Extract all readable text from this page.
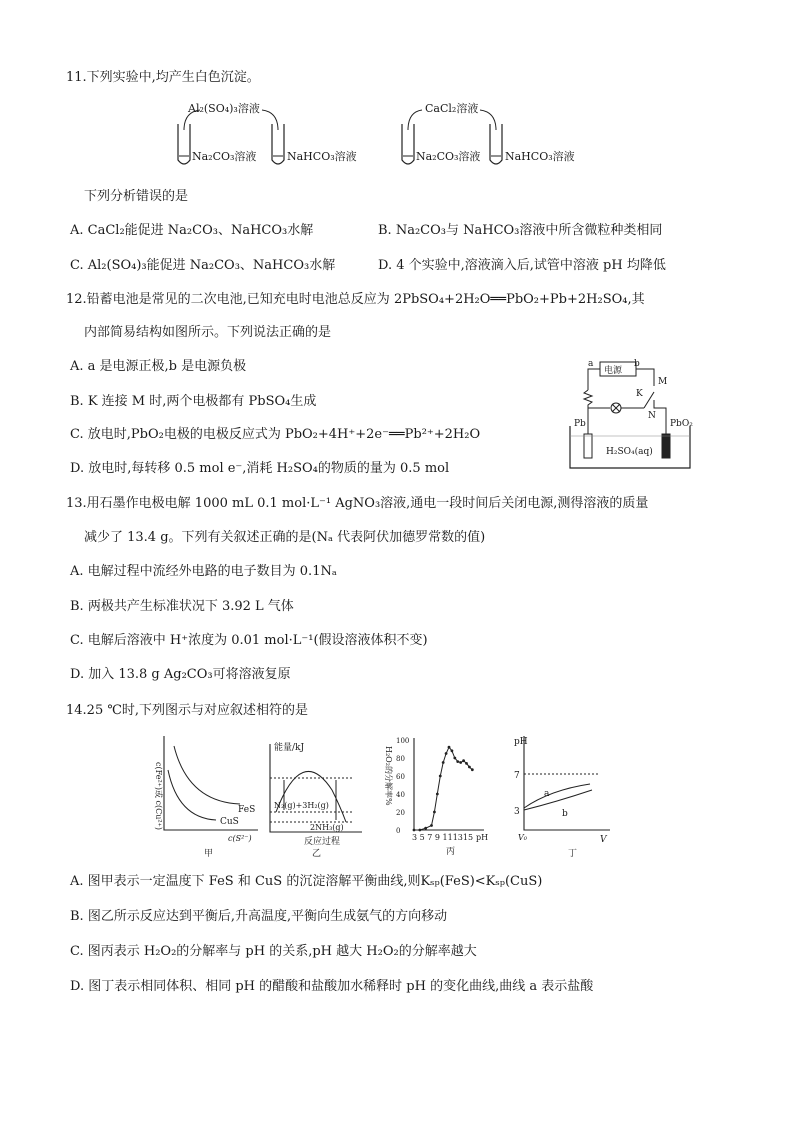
11.下列实验中,均产生白色沉淀。
Al₂(SO₄)₃溶液
Na₂CO₃溶液	NaHCO₃溶液
CaCl₂溶液
Na₂CO₃溶液 NaHCO₃溶液
下列分析错误的是
A. CaCl₂能促进 Na₂CO₃、NaHCO₃水解	B. Na₂CO₃与 NaHCO₃溶液中所含微粒种类相同
C. Al₂(SO₄)₃能促进 Na₂CO₃、NaHCO₃水解	D. 4 个实验中,溶液滴入后,试管中溶液 pH 均降低
12.铅蓄电池是常见的二次电池,已知充电时电池总反应为 2PbSO₄+2H₂O══PbO₂+Pb+2H₂SO₄,其
内部简易结构如图所示。下列说法正确的是
A. a 是电源正极,b 是电源负极
B. K 连接 M 时,两个电极都有 PbSO₄生成
C. 放电时,PbO₂电极的电极反应式为 PbO₂+4H⁺+2e⁻══Pb²⁺+2H₂O
D. 放电时,每转移 0.5 mol e⁻,消耗 H₂SO₄的物质的量为 0.5 mol
a	b
电源
M
K
N
Pb	PbO₂
H₂SO₄(aq)
13.用石墨作电极电解 1000 mL 0.1 mol·L⁻¹ AgNO₃溶液,通电一段时间后关闭电源,测得溶液的质量
减少了 13.4 g。下列有关叙述正确的是(Nₐ 代表阿伏加德罗常数的值)
A. 电解过程中流经外电路的电子数目为 0.1Nₐ
B. 两极共产生标准状况下 3.92 L 气体
C. 电解后溶液中 H⁺浓度为 0.01 mol·L⁻¹(假设溶液体积不变)
D. 加入 13.8 g Ag₂CO₃可将溶液复原
14.25 ℃时,下列图示与对应叙述相符的是
c(Fe²⁺)或 c(Cu²⁺)	FeS
CuS
c(S²⁻)
甲
能量/kJ
N₂(g)+3H₂(g)
2NH₃(g)
反应过程
乙
H₂O₂的分解率%
100
80
60
40
20
0
3 5 7 9 111315 pH
丙
pH
7
3
a
b
V₀	V
丁
A. 图甲表示一定温度下 FeS 和 CuS 的沉淀溶解平衡曲线,则Kₛₚ(FeS)<Kₛₚ(CuS)
B. 图乙所示反应达到平衡后,升高温度,平衡向生成氨气的方向移动
C. 图丙表示 H₂O₂的分解率与 pH 的关系,pH 越大 H₂O₂的分解率越大
D. 图丁表示相同体积、相同 pH 的醋酸和盐酸加水稀释时 pH 的变化曲线,曲线 a 表示盐酸
